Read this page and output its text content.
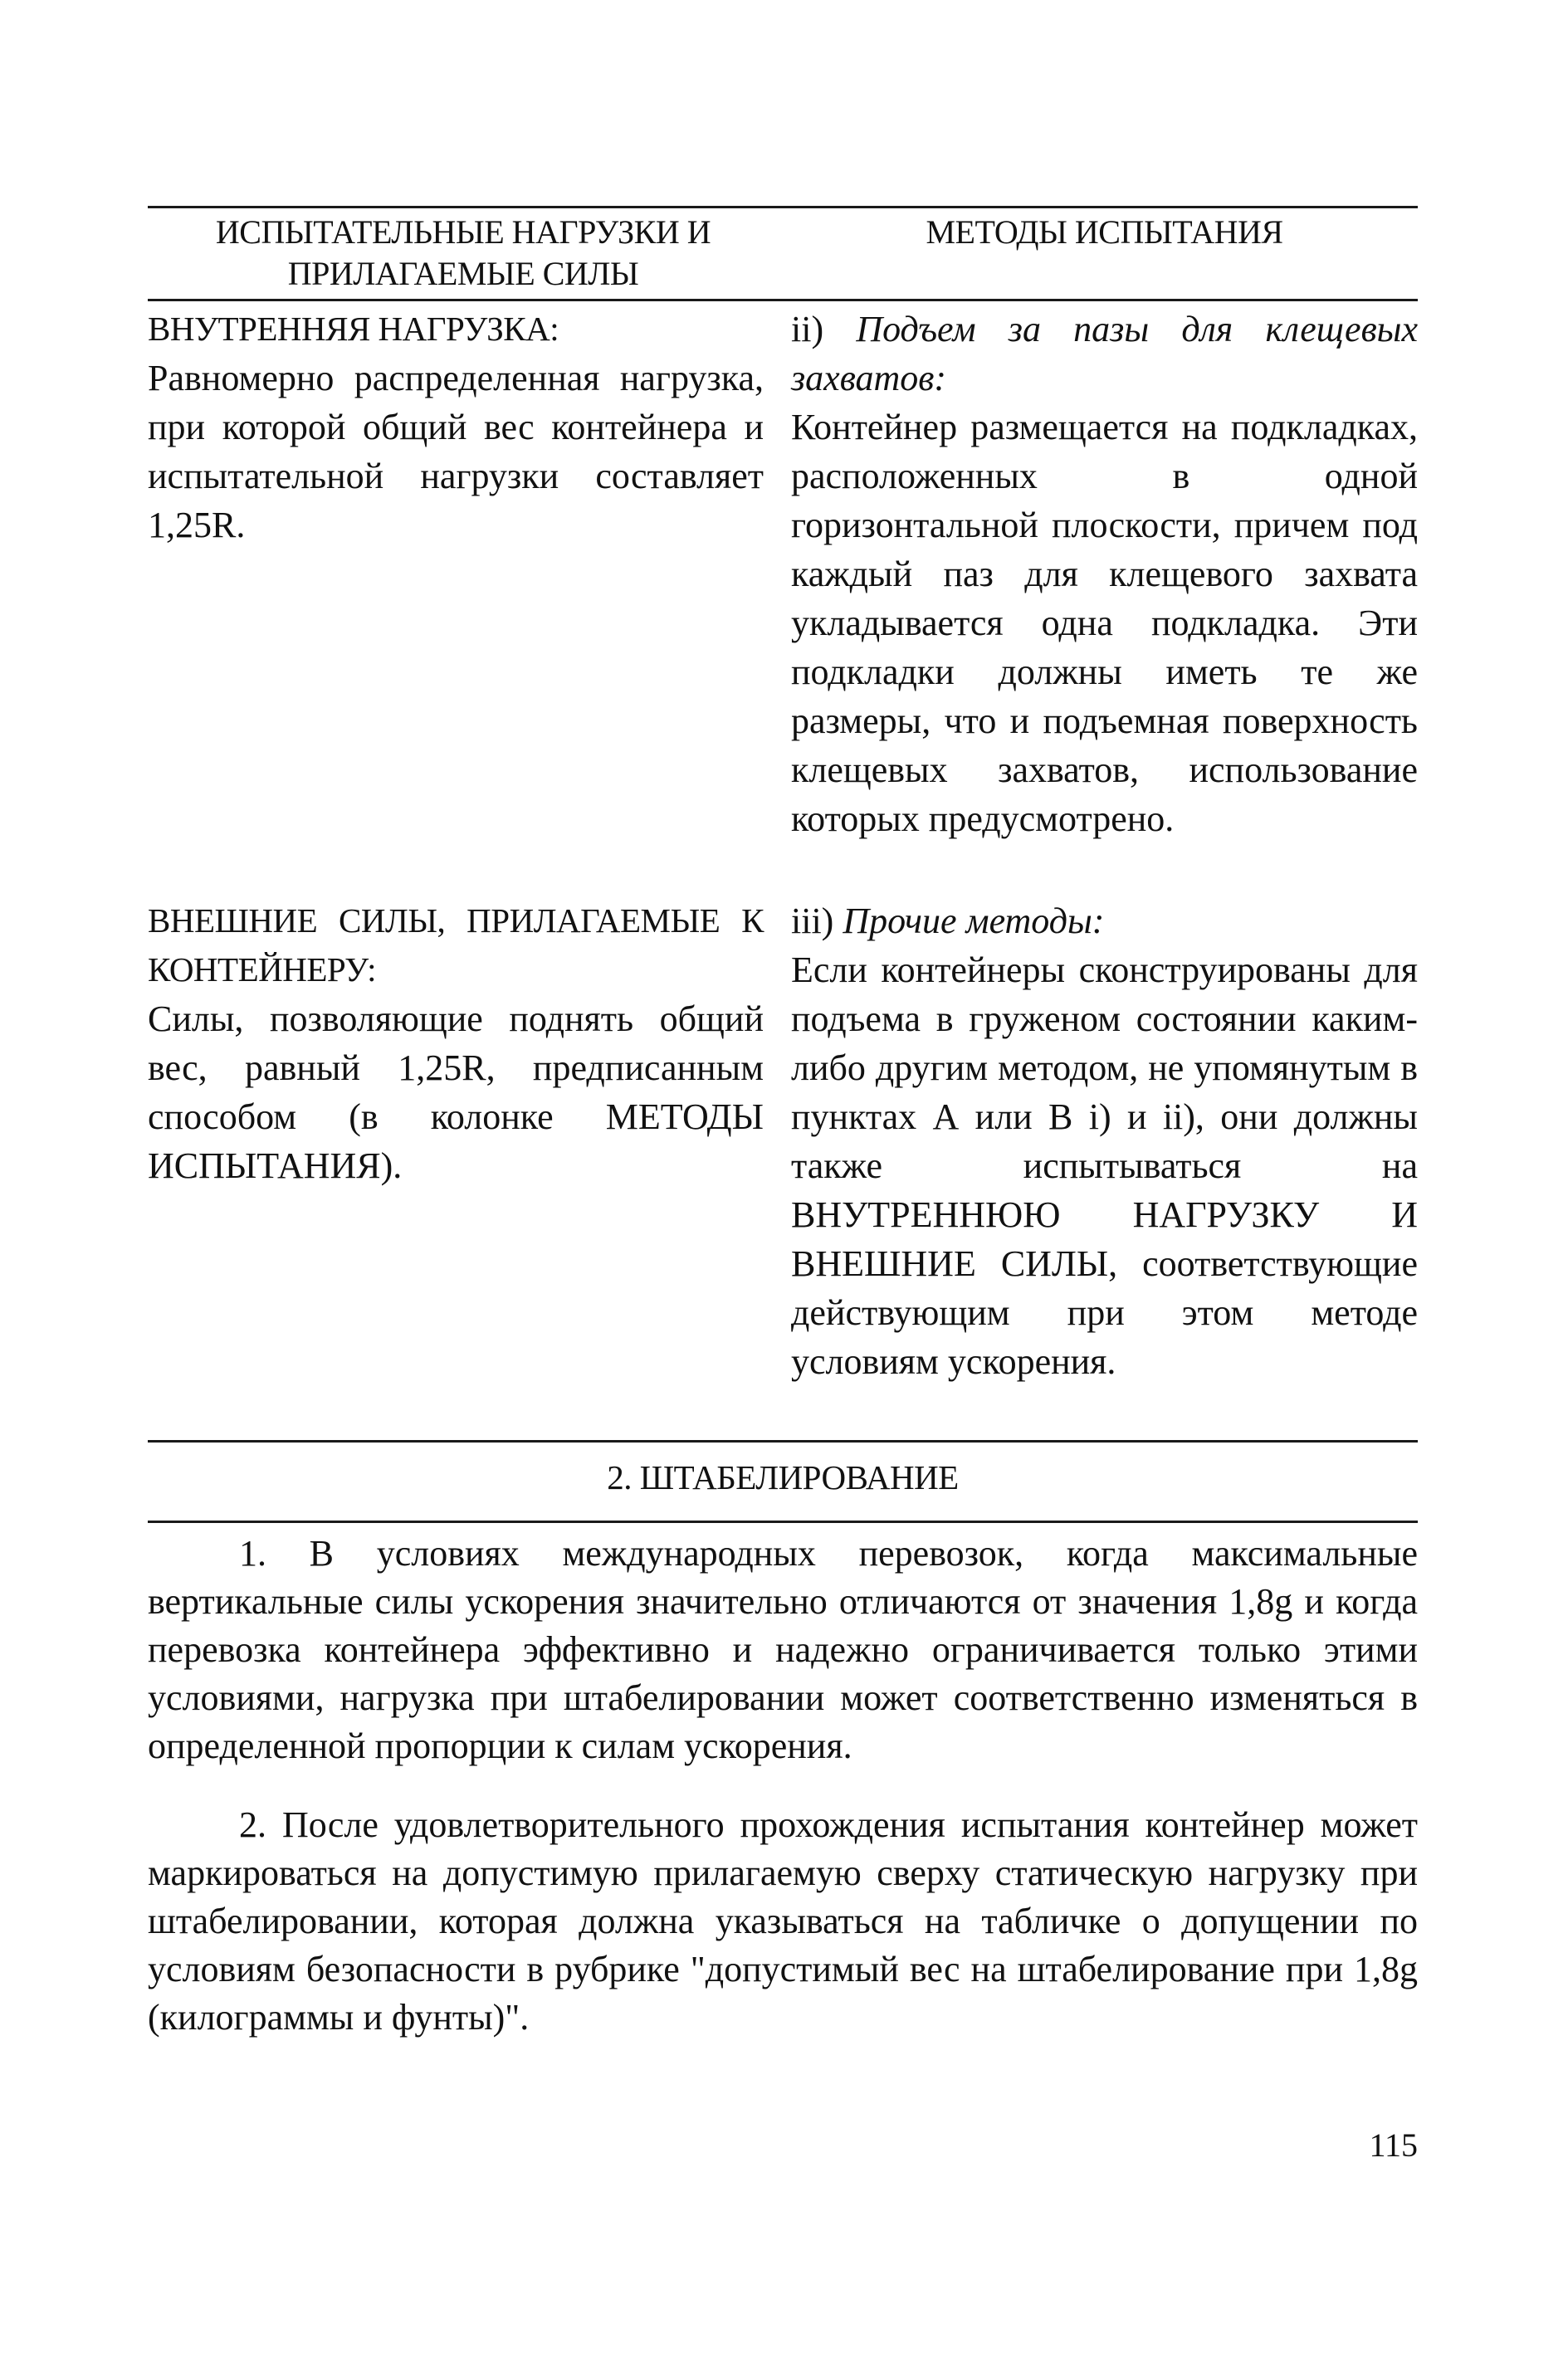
ИСПЫТАТЕЛЬНЫЕ НАГРУЗКИ И ПРИЛАГАЕМЫЕ СИЛЫ
МЕТОДЫ ИСПЫТАНИЯ

ВНУТРЕННЯЯ НАГРУЗКА:

Равномерно распределенная нагрузка, при которой общий вес контейнера и испытательной нагрузки составляет 1,25R.

ii) Подъем за пазы для клещевых захватов:

Контейнер размещается на подкладках, расположенных в одной горизонтальной плоскости, причем под каждый паз для клещевого захвата укладывается одна подкладка. Эти подкладки должны иметь те же размеры, что и подъемная поверхность клещевых захватов, использование которых предусмотрено.

ВНЕШНИЕ СИЛЫ, ПРИЛАГАЕМЫЕ К КОНТЕЙНЕРУ:

Силы, позволяющие поднять общий вес, равный 1,25R, предписанным способом (в колонке МЕТОДЫ ИСПЫТАНИЯ).

iii) Прочие методы:

Если контейнеры сконструированы для подъема в груженом состоянии каким-либо другим методом, не упомянутым в пунктах А или В i) и ii), они должны также испытываться на ВНУТРЕННЮЮ НАГРУЗКУ И ВНЕШНИЕ СИЛЫ, соответствующие действующим при этом методе условиям ускорения.

2. ШТАБЕЛИРОВАНИЕ

1. В условиях международных перевозок, когда максимальные вертикальные силы ускорения значительно отличаются от значения 1,8g и когда перевозка контейнера эффективно и надежно ограничивается только этими условиями, нагрузка при штабелировании может соответственно изменяться в определенной пропорции к силам ускорения.

2. После удовлетворительного прохождения испытания контейнер может маркироваться на допустимую прилагаемую сверху статическую нагрузку при штабелировании, которая должна указываться на табличке о допущении по условиям безопасности в рубрике "допустимый вес на штабелирование при 1,8g (килограммы и фунты)".

115
